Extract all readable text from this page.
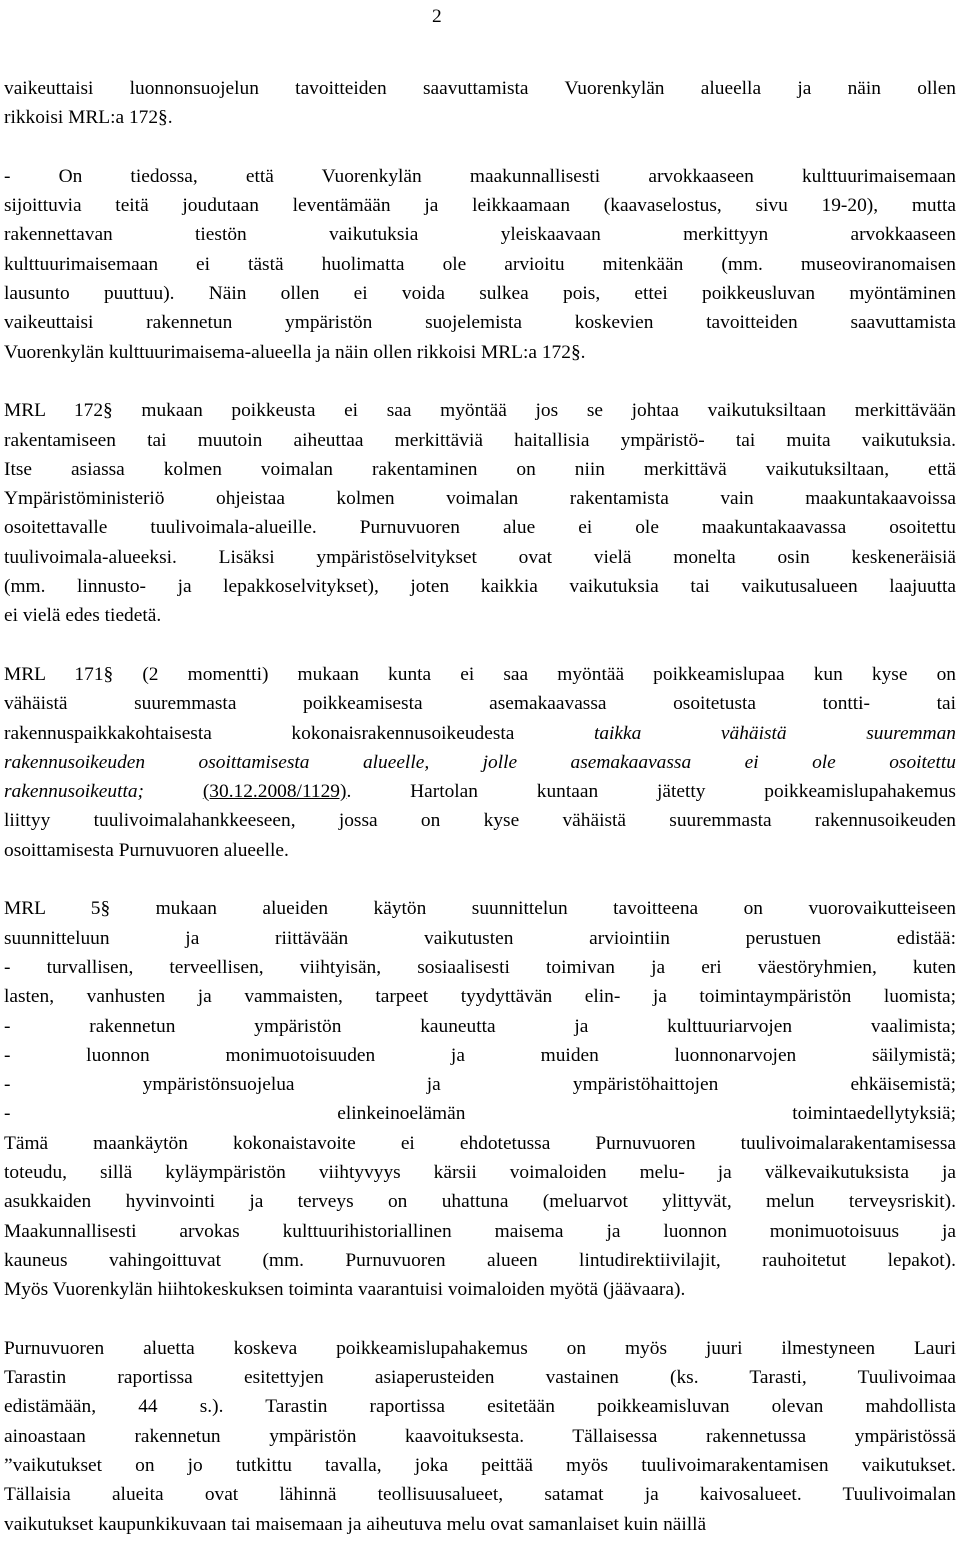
2

vaikeuttaisi luonnonsuojelun tavoitteiden saavuttamista Vuorenkylän alueella ja näin ollen
rikkoisi MRL:a 172§.

- On tiedossa, että Vuorenkylän maakunnallisesti arvokkaaseen kulttuurimaisemaan
sijoittuvia teitä joudutaan leventämään ja leikkaamaan (kaavaselostus, sivu 19-20), mutta
rakennettavan tiestön vaikutuksia yleiskaavaan merkittyyn arvokkaaseen
kulttuurimaisemaan ei tästä huolimatta ole arvioitu mitenkään (mm. museoviranomaisen
lausunto puuttuu). Näin ollen ei voida sulkea pois, ettei poikkeusluvan myöntäminen
vaikeuttaisi rakennetun ympäristön suojelemista koskevien tavoitteiden saavuttamista
Vuorenkylän kulttuurimaisema-alueella ja näin ollen rikkoisi MRL:a 172§.

MRL 172§ mukaan poikkeusta ei saa myöntää jos se johtaa vaikutuksiltaan merkittävään
rakentamiseen tai muutoin aiheuttaa merkittäviä haitallisia ympäristö- tai muita vaikutuksia.
Itse asiassa kolmen voimalan rakentaminen on niin merkittävä vaikutuksiltaan, että
Ympäristöministeriö ohjeistaa kolmen voimalan rakentamista vain maakuntakaavoissa
osoitettavalle tuulivoimala-alueille. Purnuvuoren alue ei ole maakuntakaavassa osoitettu
tuulivoimala-alueeksi. Lisäksi ympäristöselvitykset ovat vielä monelta osin keskeneräisiä
(mm. linnusto- ja lepakkoselvitykset), joten kaikkia vaikutuksia tai vaikutusalueen laajuutta
ei vielä edes tiedetä.

MRL 171§ (2 momentti) mukaan kunta ei saa myöntää poikkeamislupaa kun kyse on
vähäistä suuremmasta poikkeamisesta asemakaavassa osoitetusta tontti- tai
rakennuspaikkakohtaisesta kokonaisrakennusoikeudesta taikka vähäistä suuremman
rakennusoikeuden osoittamisesta alueelle, jolle asemakaavassa ei ole osoitettu
rakennusoikeutta;	(30.12.2008/1129). Hartolan kuntaan jätetty poikkeamislupahakemus
liittyy tuulivoimalahankkeeseen, jossa on kyse vähäistä suuremmasta rakennusoikeuden
osoittamisesta Purnuvuoren alueelle.

MRL 5§ mukaan alueiden käytön suunnittelun tavoitteena on vuorovaikutteiseen
suunnitteluun ja riittävään vaikutusten arviointiin perustuen edistää:
- turvallisen, terveellisen, viihtyisän, sosiaalisesti toimivan ja eri väestöryhmien, kuten
lasten, vanhusten ja vammaisten, tarpeet tyydyttävän elin- ja toimintaympäristön luomista;
- rakennetun ympäristön kauneutta ja kulttuuriarvojen vaalimista;
- luonnon monimuotoisuuden ja muiden luonnonarvojen säilymistä;
- ympäristönsuojelua ja ympäristöhaittojen ehkäisemistä;
- elinkeinoelämän toimintaedellytyksiä;
Tämä maankäytön kokonaistavoite ei ehdotetussa Purnuvuoren tuulivoimalarakentamisessa
toteudu, sillä kyläympäristön viihtyvyys kärsii voimaloiden melu- ja välkevaikutuksista ja
asukkaiden hyvinvointi ja terveys on uhattuna (meluarvot ylittyvät, melun terveysriskit).
Maakunnallisesti arvokas kulttuurihistoriallinen maisema ja luonnon monimuotoisuus ja
kauneus vahingoittuvat (mm. Purnuvuoren alueen lintudirektiivilajit, rauhoitetut lepakot).
Myös Vuorenkylän hiihtokeskuksen toiminta vaarantuisi voimaloiden myötä (jäävaara).

Purnuvuoren aluetta koskeva poikkeamislupahakemus on myös juuri ilmestyneen Lauri
Tarastin raportissa esitettyjen asiaperusteiden vastainen (ks. Tarasti, Tuulivoimaa
edistämään, 44 s.). Tarastin raportissa esitetään poikkeamisluvan olevan mahdollista
ainoastaan rakennetun ympäristön kaavoituksesta. Tällaisessa rakennetussa ympäristössä
”vaikutukset on jo tutkittu tavalla, joka peittää myös tuulivoimarakentamisen vaikutukset.
Tällaisia alueita ovat lähinnä teollisuusalueet, satamat ja kaivosalueet. Tuulivoimalan
vaikutukset kaupunkikuvaan tai maisemaan ja aiheutuva melu ovat samanlaiset kuin näillä
